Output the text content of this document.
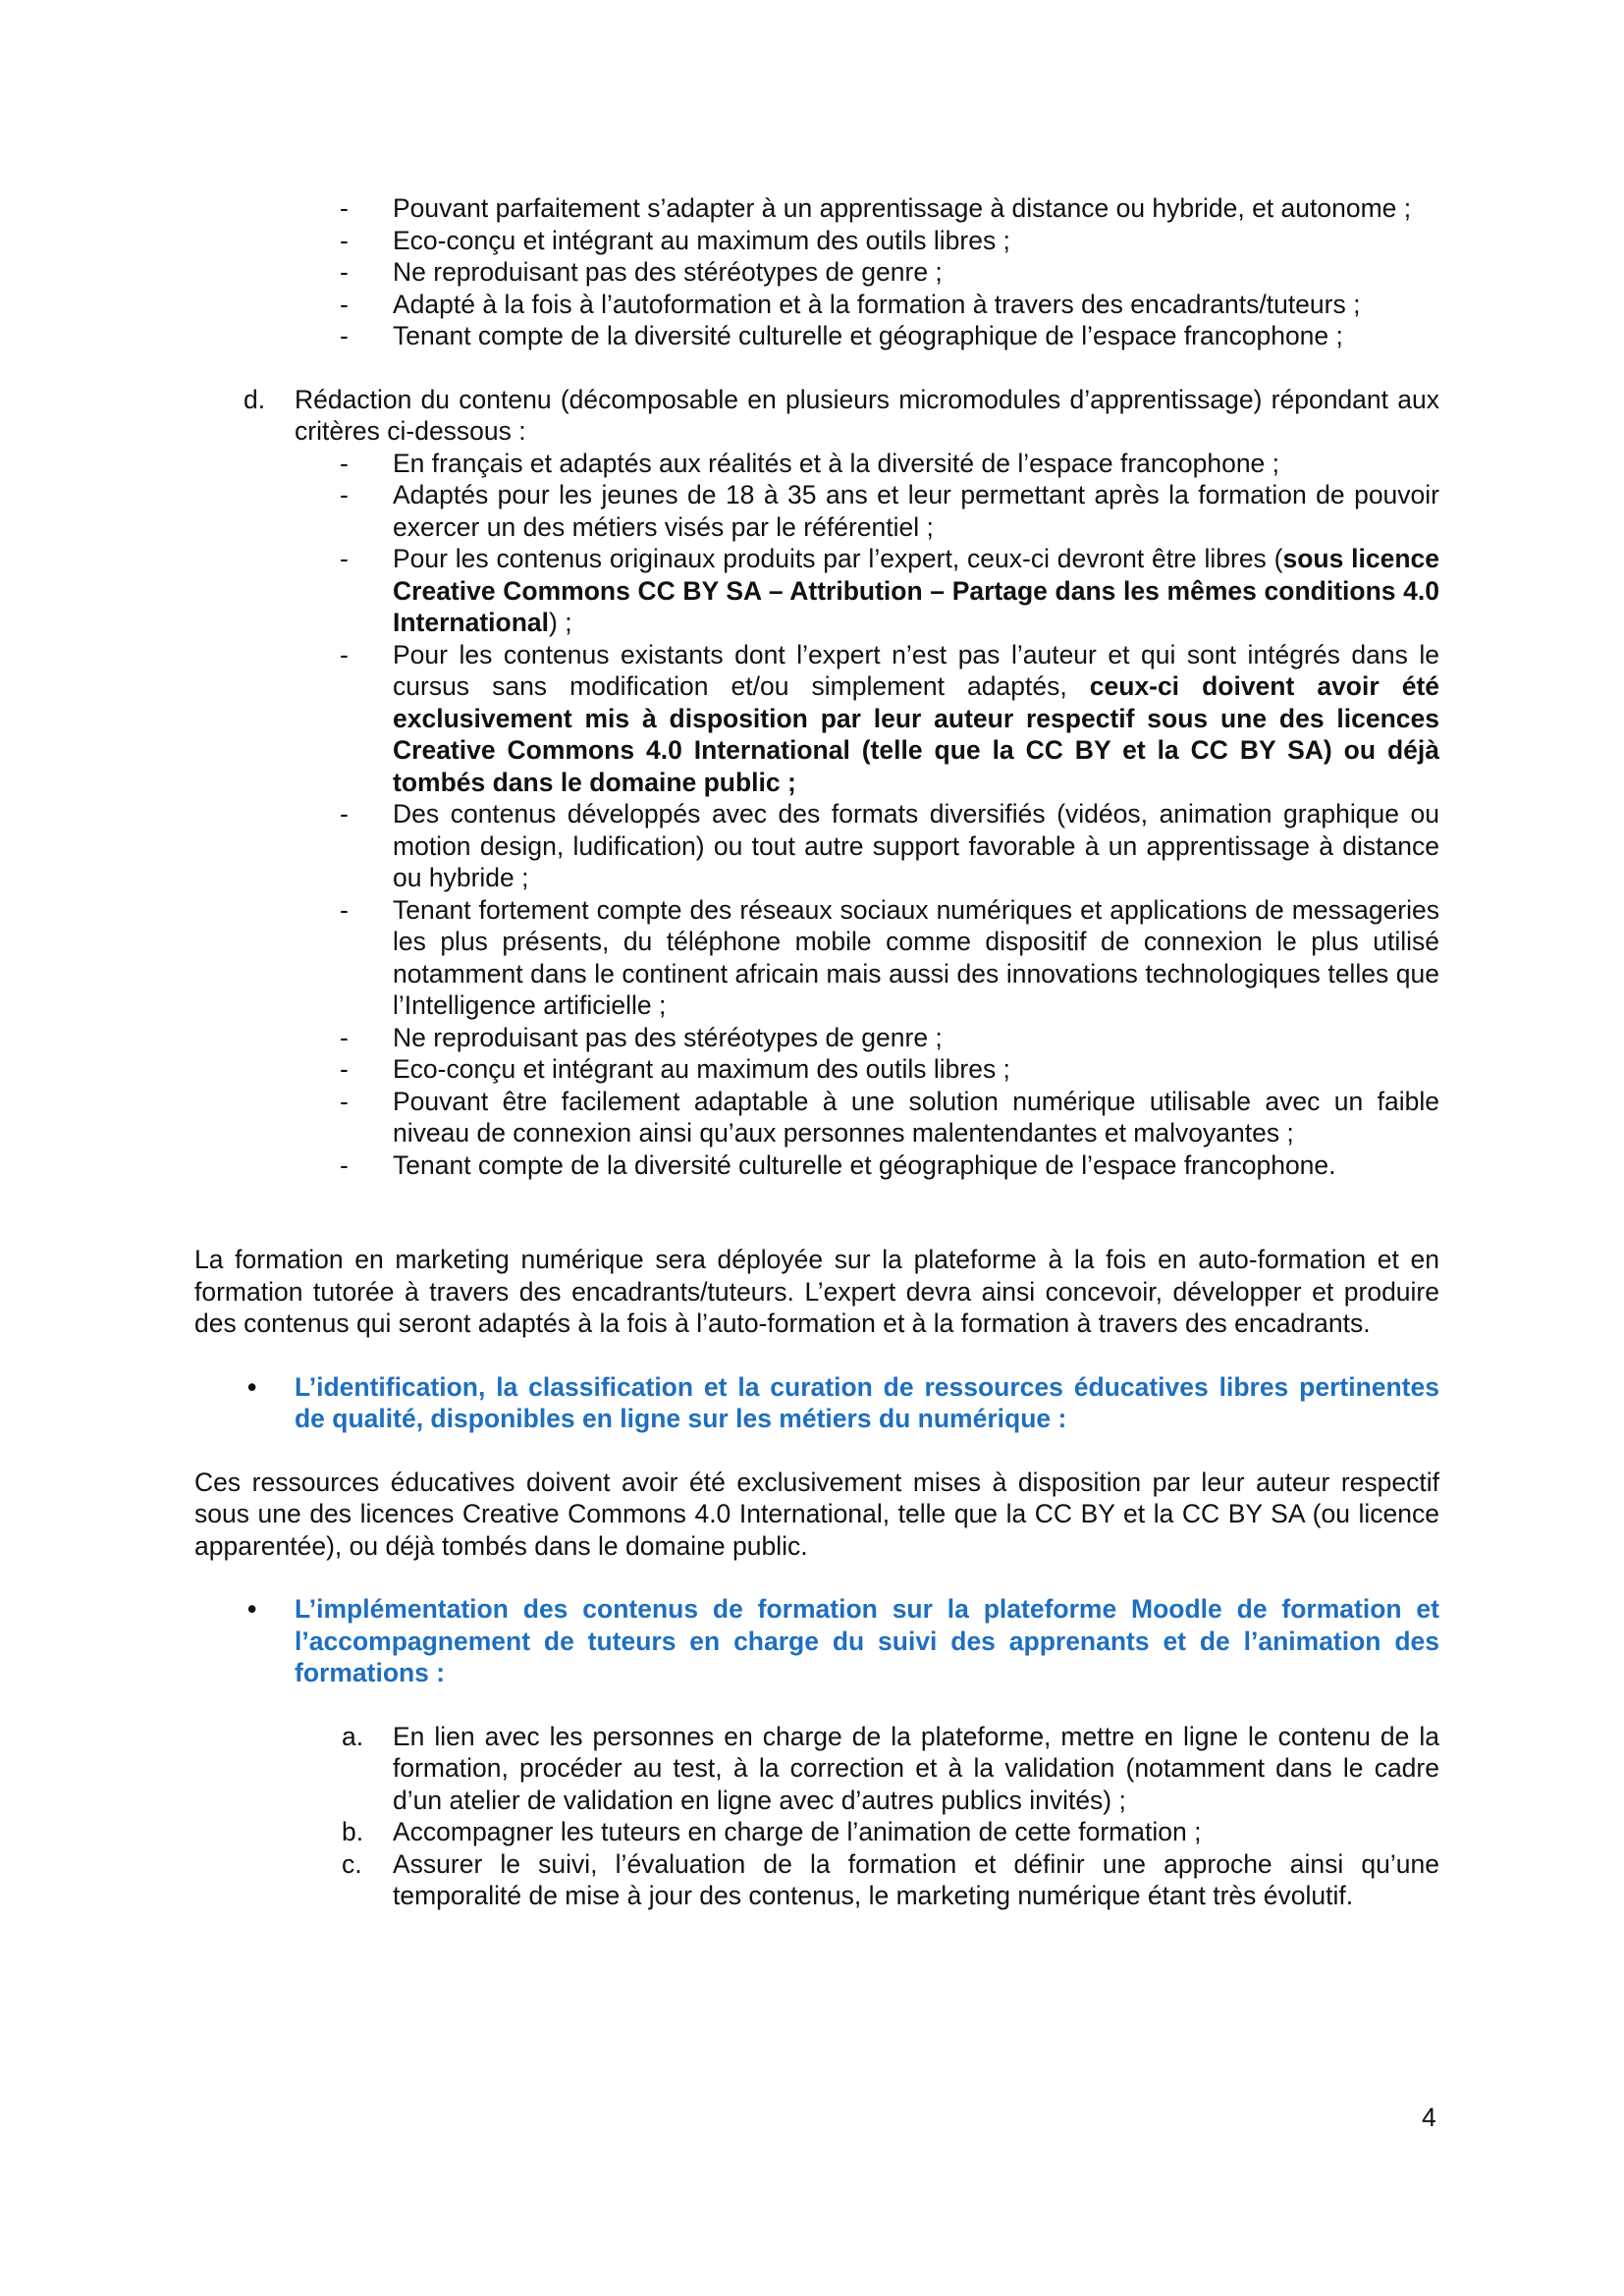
- Pouvant parfaitement s’adapter à un apprentissage à distance ou hybride, et autonome ;
- Eco-conçu et intégrant au maximum des outils libres ;
- Ne reproduisant pas des stéréotypes de genre ;
- Adapté à la fois à l’autoformation et à la formation à travers des encadrants/tuteurs ;
- Tenant compte de la diversité culturelle et géographique de l’espace francophone ;
d. Rédaction du contenu (décomposable en plusieurs micromodules d’apprentissage) répondant aux critères ci-dessous :
- En français et adaptés aux réalités et à la diversité de l’espace francophone ;
- Adaptés pour les jeunes de 18 à 35 ans et leur permettant après la formation de pouvoir exercer un des métiers visés par le référentiel ;
- Pour les contenus originaux produits par l’expert, ceux-ci devront être libres (sous licence Creative Commons CC BY SA – Attribution – Partage dans les mêmes conditions 4.0 International) ;
- Pour les contenus existants dont l’expert n’est pas l’auteur et qui sont intégrés dans le cursus sans modification et/ou simplement adaptés, ceux-ci doivent avoir été exclusivement mis à disposition par leur auteur respectif sous une des licences Creative Commons 4.0 International (telle que la CC BY et la CC BY SA) ou déjà tombés dans le domaine public ;
- Des contenus développés avec des formats diversifiés (vidéos, animation graphique ou motion design, ludification) ou tout autre support favorable à un apprentissage à distance ou hybride ;
- Tenant fortement compte des réseaux sociaux numériques et applications de messageries les plus présents, du téléphone mobile comme dispositif de connexion le plus utilisé notamment dans le continent africain mais aussi des innovations technologiques telles que l’Intelligence artificielle ;
- Ne reproduisant pas des stéréotypes de genre ;
- Eco-conçu et intégrant au maximum des outils libres ;
- Pouvant être facilement adaptable à une solution numérique utilisable avec un faible niveau de connexion ainsi qu’aux personnes malentendantes et malvoyantes ;
- Tenant compte de la diversité culturelle et géographique de l’espace francophone.

La formation en marketing numérique sera déployée sur la plateforme à la fois en auto-formation et en formation tutorée à travers des encadrants/tuteurs. L’expert devra ainsi concevoir, développer et produire des contenus qui seront adaptés à la fois à l’auto-formation et à la formation à travers des encadrants.

• L’identification, la classification et la curation de ressources éducatives libres pertinentes de qualité, disponibles en ligne sur les métiers du numérique :

Ces ressources éducatives doivent avoir été exclusivement mises à disposition par leur auteur respectif sous une des licences Creative Commons 4.0 International, telle que la CC BY et la CC BY SA (ou licence apparentée), ou déjà tombés dans le domaine public.

• L’implémentation des contenus de formation sur la plateforme Moodle de formation et l’accompagnement de tuteurs en charge du suivi des apprenants et de l’animation des formations :
a. En lien avec les personnes en charge de la plateforme, mettre en ligne le contenu de la formation, procéder au test, à la correction et à la validation (notamment dans le cadre d’un atelier de validation en ligne avec d’autres publics invités) ;
b. Accompagner les tuteurs en charge de l’animation de cette formation ;
c. Assurer le suivi, l’évaluation de la formation et définir une approche ainsi qu’une temporalité de mise à jour des contenus, le marketing numérique étant très évolutif.
4
